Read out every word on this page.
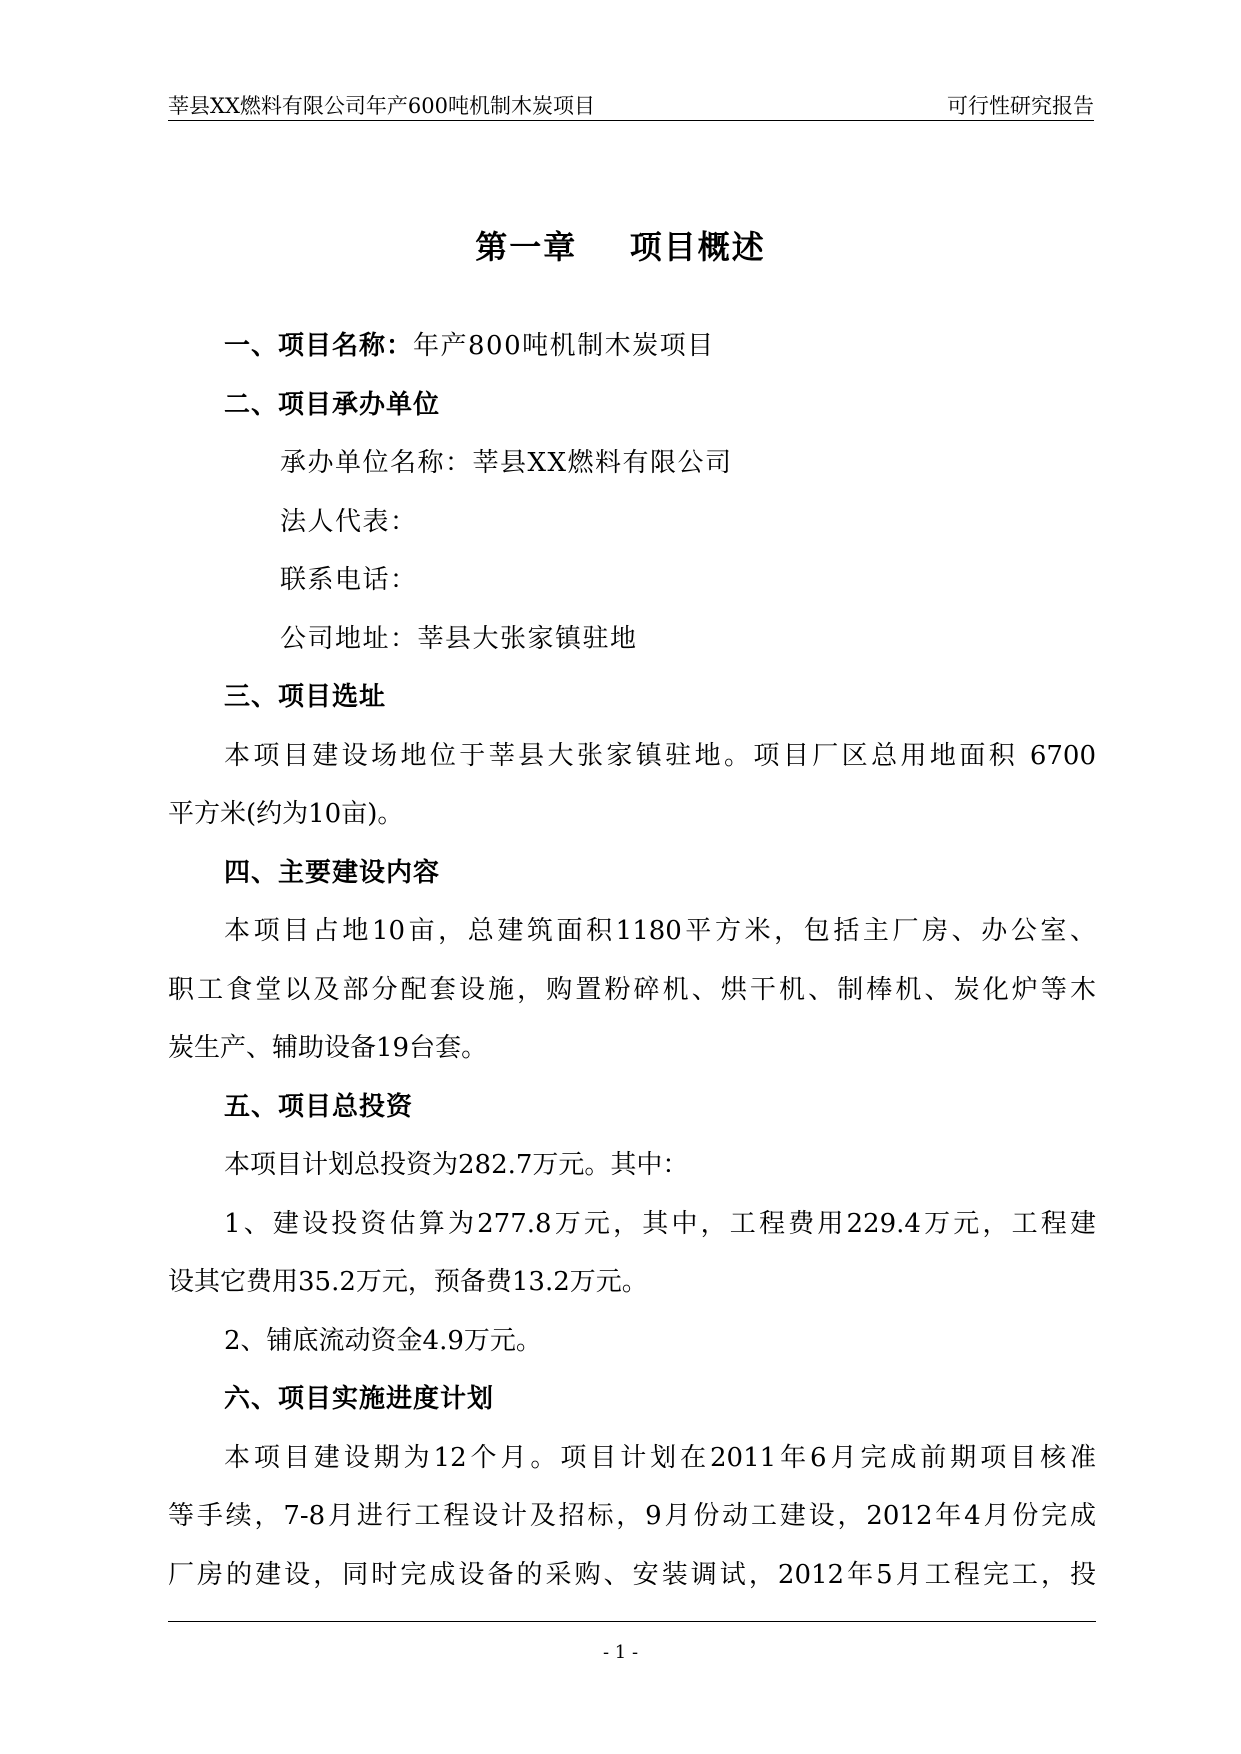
莘县XX燃料有限公司年产600吨机制木炭项目	可行性研究报告
第一章    项目概述
一、项目名称：年产800吨机制木炭项目
二、项目承办单位
承办单位名称：莘县XX燃料有限公司
法人代表：
联系电话：
公司地址：莘县大张家镇驻地
三、项目选址
本项目建设场地位于莘县大张家镇驻地。项目厂区总用地面积 6700
平方米(约为10亩)。
四、主要建设内容
本项目占地10亩，总建筑面积1180平方米，包括主厂房、办公室、
职工食堂以及部分配套设施，购置粉碎机、烘干机、制棒机、炭化炉等木
炭生产、辅助设备19台套。
五、项目总投资
本项目计划总投资为282.7万元。其中：
1、建设投资估算为277.8万元，其中，工程费用229.4万元，工程建
设其它费用35.2万元，预备费13.2万元。
2、铺底流动资金4.9万元。
六、项目实施进度计划
本项目建设期为12个月。项目计划在2011年6月完成前期项目核准
等手续，7-8月进行工程设计及招标，9月份动工建设，2012年4月份完成
厂房的建设，同时完成设备的采购、安装调试，2012年5月工程完工，投
- 1 -
